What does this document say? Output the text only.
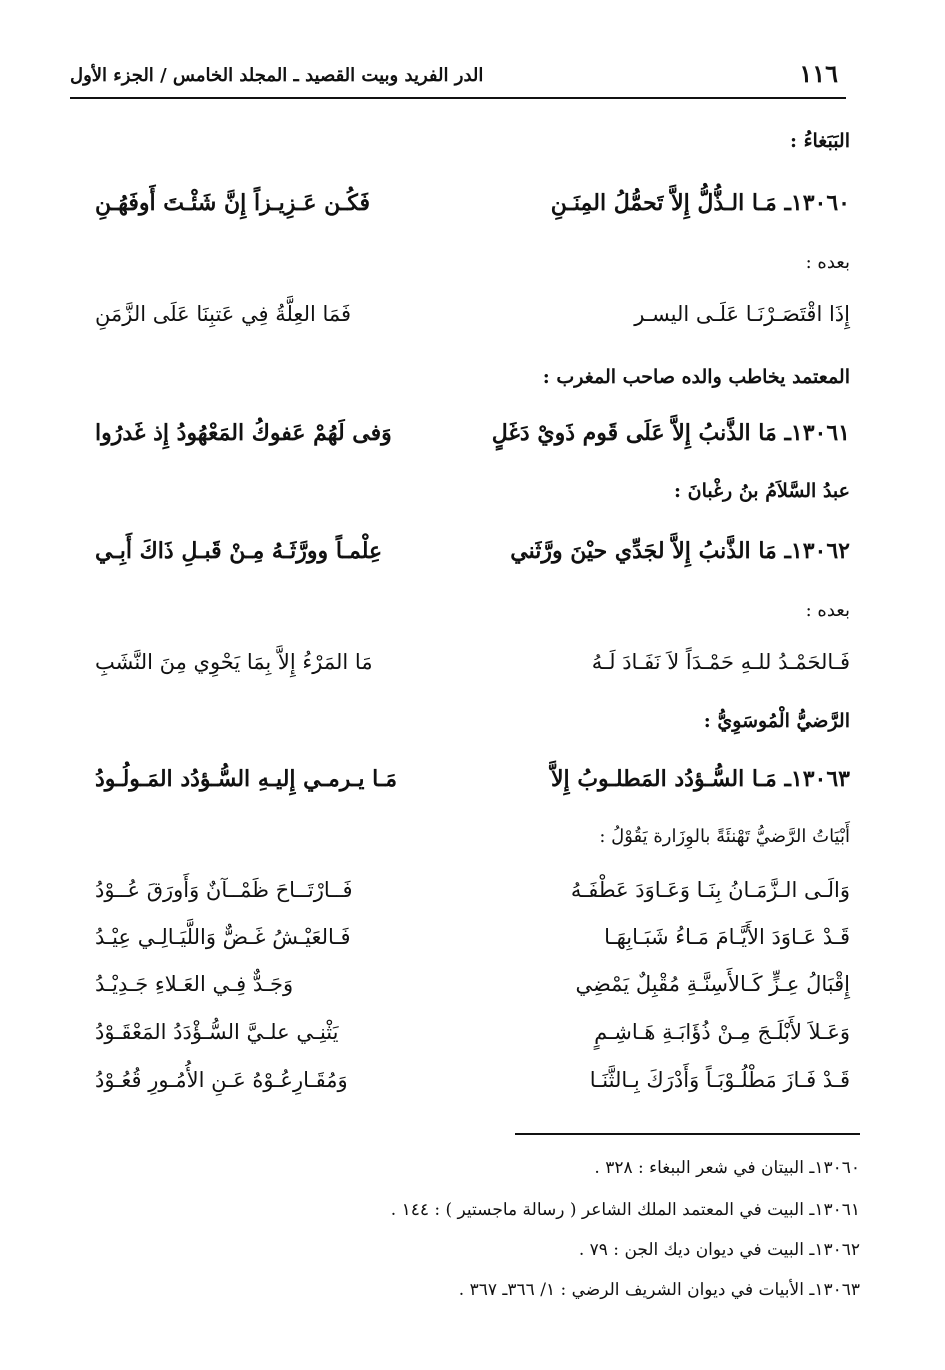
١١٦
الدر الفريد وبيت القصيد ـ المجلد الخامس / الجزء الأول
البَبَغاءُ :
١٣٠٦٠ـ مَـا الـذُّلُّ إِلاَّ تَحمُّلُ المِنَـنِ
فَكُـن عَـزِيـزاً إِنَّ شَئْـتَ أَوفَهُـنِ
بعده :
إِذَا اقْتَصَـرْنَـا عَلَـى اليسـر
فَمَا العِلَّةُ فِي عَتبِنَا عَلَى الزَّمَنِ
المعتمد يخاطب والده صاحب المغرب :
١٣٠٦١ـ مَا الذَّنبُ إِلاَّ عَلَى قَوم ذَويْ دَغَلٍ
وَفى لَهُمْ عَفوكُ المَعْهُودُ إِذ غَدرُوا
عبدُ السَّلاَمُ بنُ رغْبانَ :
١٣٠٦٢ـ مَا الذَّنبُ إِلاَّ لجَدِّي حيْنَ ورَّثَني
عِلْمـاً وورَّثَـهُ مِـنْ قَبـلِ ذَاكَ أَبِـي
بعده :
فَـالحَمْـدُ للـهِ حَمْـدَاً لاَ نَفَـادَ لَـهُ
مَا المَرْءُ إِلاَّ بِمَا يَحْوِي مِنَ النَّشَبِ
الرَّضيُّ الْمُوسَوِيُّ :
١٣٠٦٣ـ مَـا السُّـؤدُد المَطلـوبُ إِلاَّ
مَـا يـرمـي إِليـهِ السُّـؤدُد المَـولُـودُ
أَبْيَاتُ الرَّضيُّ تَهْنئَةً بالوِزَارة يَقُوْلُ :
وَالَـى الـزَّمَـانُ بِنَـا وَعَـاوَدَ عَطْفَـهُ
فَــارْتَــاحَ ظَمْــآنٌ وَأَورَقَ عُــوْدُ
قَـدْ عَـاوَدَ الأَيَّـامَ مَـاءُ شَبَـابِهَـا
فَـالعَيْـشُ غَـضٌّ وَاللَّيَـالِـي عِيْـدُ
إِقْبَالُ عِـزٍّ كَـالأَسِنَّـةِ مُقْبِلٌ يَمْضِي
وَجَـدٌّ فِـي العَـلاءِ جَـدِيْـدُ
وَعَـلاَ لأَبْلَـجَ مِـنْ ذُؤَابَـةِ هَـاشِـمٍ
يَثْنِـي علـيَّ السُّـؤْدَدُ المَعْقَـوْدُ
قَـدْ فَـازَ مَطْلُـوْبَـاً وَأَدْرَكَ بِـالثَّنَـا
وَمُقَـارِعُـوْهُ عَـنِ الأُمُـورِ قُعُـوْدُ
١٣٠٦٠ـ البيتان في شعر الببغاء : ٣٢٨ .
١٣٠٦١ـ البيت في المعتمد الملك الشاعر ( رسالة ماجستير ) : ١٤٤ .
١٣٠٦٢ـ البيت في ديوان ديك الجن : ٧٩ .
١٣٠٦٣ـ الأبيات في ديوان الشريف الرضي : ١/ ٣٦٦ـ ٣٦٧ .
